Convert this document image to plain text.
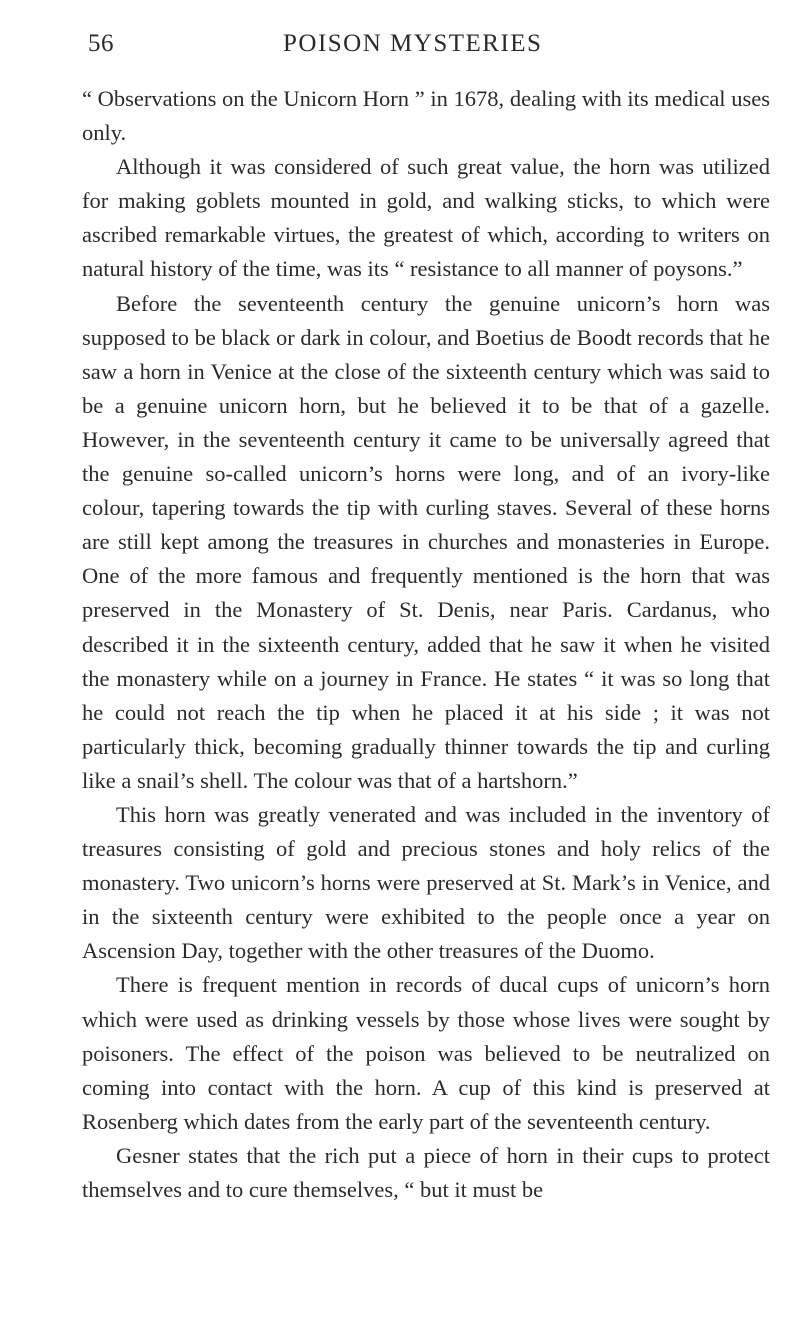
56	POISON MYSTERIES

“ Observations on the Unicorn Horn ” in 1678, dealing with its medical uses only.

Although it was considered of such great value, the horn was utilized for making goblets mounted in gold, and walking sticks, to which were ascribed remarkable virtues, the greatest of which, according to writers on natural history of the time, was its “ resistance to all manner of poysons.”

Before the seventeenth century the genuine unicorn’s horn was supposed to be black or dark in colour, and Boetius de Boodt records that he saw a horn in Venice at the close of the sixteenth century which was said to be a genuine unicorn horn, but he believed it to be that of a gazelle. However, in the seventeenth century it came to be universally agreed that the genuine so-called unicorn’s horns were long, and of an ivory-like colour, tapering towards the tip with curling staves. Several of these horns are still kept among the treasures in churches and monasteries in Europe. One of the more famous and frequently mentioned is the horn that was preserved in the Monastery of St. Denis, near Paris. Cardanus, who described it in the sixteenth century, added that he saw it when he visited the monastery while on a journey in France. He states “ it was so long that he could not reach the tip when he placed it at his side ; it was not particularly thick, becoming gradually thinner towards the tip and curling like a snail’s shell. The colour was that of a hartshorn.”

This horn was greatly venerated and was included in the inventory of treasures consisting of gold and precious stones and holy relics of the monastery. Two unicorn’s horns were preserved at St. Mark’s in Venice, and in the sixteenth century were exhibited to the people once a year on Ascension Day, together with the other treasures of the Duomo.

There is frequent mention in records of ducal cups of unicorn’s horn which were used as drinking vessels by those whose lives were sought by poisoners. The effect of the poison was believed to be neutralized on coming into contact with the horn. A cup of this kind is preserved at Rosenberg which dates from the early part of the seventeenth century.

Gesner states that the rich put a piece of horn in their cups to protect themselves and to cure themselves, “ but it must be
